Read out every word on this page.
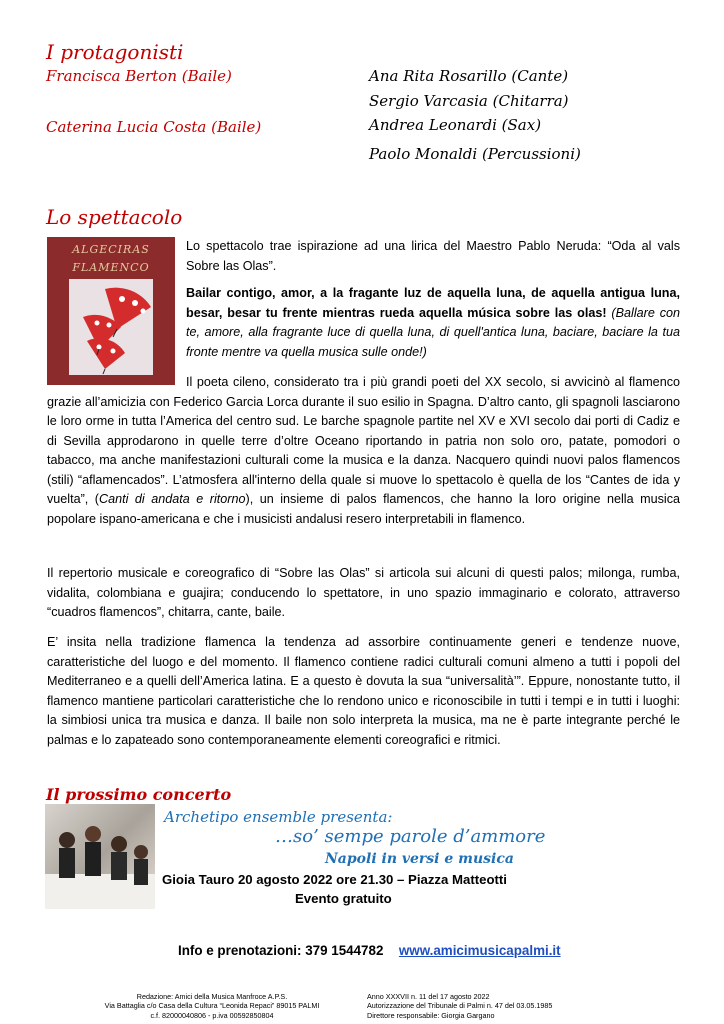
I protagonisti
Francisca Berton (Baile)
Caterina Lucia Costa (Baile)
Ana Rita Rosarillo (Cante)
Sergio Varcasia (Chitarra)
Andrea Leonardi (Sax)
Paolo Monaldi (Percussioni)
Lo spettacolo
ALGECIRAS
FLAMENCO
Lo spettacolo trae ispirazione ad una lirica del Maestro Pablo Neruda: “Oda al vals Sobre las Olas”.
Bailar contigo, amor, a la fragante luz de aquella luna, de aquella antigua luna, besar, besar tu frente mientras rueda aquella música sobre las olas! (Ballare con te, amore, alla fragrante luce di quella luna, di quell'antica luna, baciare, baciare la tua fronte mentre va quella musica sulle onde!)
Il poeta cileno, considerato tra i più grandi poeti del XX secolo, si avvicinò al flamenco grazie all’amicizia con Federico Garcia Lorca durante il suo esilio in Spagna. D’altro canto, gli spagnoli lasciarono le loro orme in tutta l’America del centro sud. Le barche spagnole partite nel XV e XVI secolo dai porti di Cadiz e di Sevilla approdarono in quelle terre d’oltre Oceano riportando in patria non solo oro, patate, pomodori o tabacco, ma anche manifestazioni culturali come la musica e la danza. Nacquero quindi nuovi palos flamencos (stili) “aflamencados”. L’atmosfera all'interno della quale si muove lo spettacolo è quella de los “Cantes de ida y vuelta”, (Canti di andata e ritorno), un insieme di palos flamencos, che hanno la loro origine nella musica popolare ispano-americana e che i musicisti andalusi resero interpretabili in flamenco.
Il repertorio musicale e coreografico di “Sobre las Olas” si articola sui alcuni di questi palos; milonga, rumba, vidalita, colombiana e guajira; conducendo lo spettatore, in uno spazio immaginario e colorato, attraverso “cuadros flamencos”, chitarra, cante, baile.
E’ insita nella tradizione flamenca la tendenza ad assorbire continuamente generi e tendenze nuove, caratteristiche del luogo e del momento. Il flamenco contiene radici culturali comuni almeno a tutti i popoli del Mediterraneo e a quelli dell’America latina. E a questo è dovuta la sua “universalità’”. Eppure, nonostante tutto, il flamenco mantiene particolari caratteristiche che lo rendono unico e riconoscibile in tutti i tempi e in tutti i luoghi: la simbiosi unica tra musica e danza. Il baile non solo interpreta la musica, ma ne è parte integrante perché le palmas e lo zapateado sono contemporaneamente elementi coreografici e ritmici.
Il prossimo concerto
Archetipo ensemble presenta:
…so’ sempe parole d’ammore
Napoli in versi e musica
Gioia Tauro 20 agosto 2022 ore 21.30 – Piazza Matteotti
Evento gratuito
Info e prenotazioni: 379 1544782 www.amicimusicapalmi.it
Redazione: Amici della Musica Manfroce A.P.S.
Via Battaglia c/o Casa della Cultura “Leonida Repaci” 89015 PALMI
c.f. 82000040806 - p.iva 00592850804
Anno XXXVII n. 11 del 17 agosto 2022
Autorizzazione del Tribunale di Palmi n. 47 del 03.05.1985
Direttore responsabile: Giorgia Gargano
